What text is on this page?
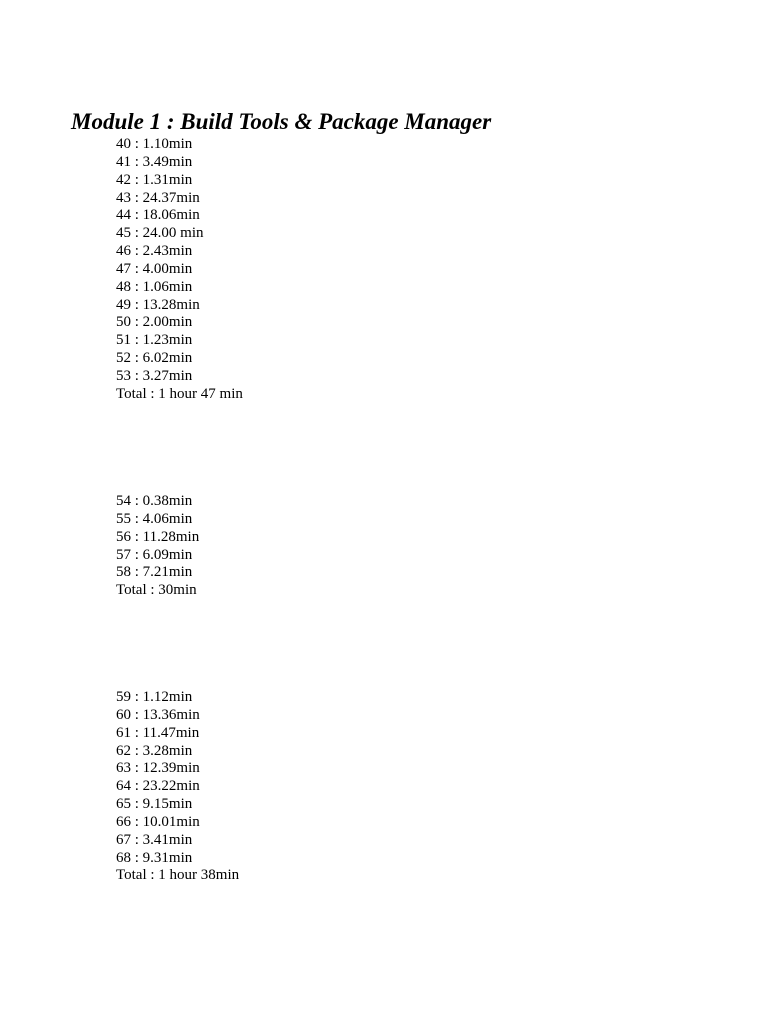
Module 1 : Build Tools & Package Manager
40 : 1.10min
41 : 3.49min
42 : 1.31min
43 : 24.37min
44 : 18.06min
45 : 24.00 min
46 : 2.43min
47 : 4.00min
48 : 1.06min
49 : 13.28min
50 : 2.00min
51 : 1.23min
52 : 6.02min
53 : 3.27min
Total : 1 hour 47 min
54 : 0.38min
55 : 4.06min
56 : 11.28min
57 : 6.09min
58 : 7.21min
Total : 30min
59 : 1.12min
60 : 13.36min
61 : 11.47min
62 : 3.28min
63 : 12.39min
64 : 23.22min
65 : 9.15min
66 : 10.01min
67 : 3.41min
68 : 9.31min
Total : 1 hour 38min
